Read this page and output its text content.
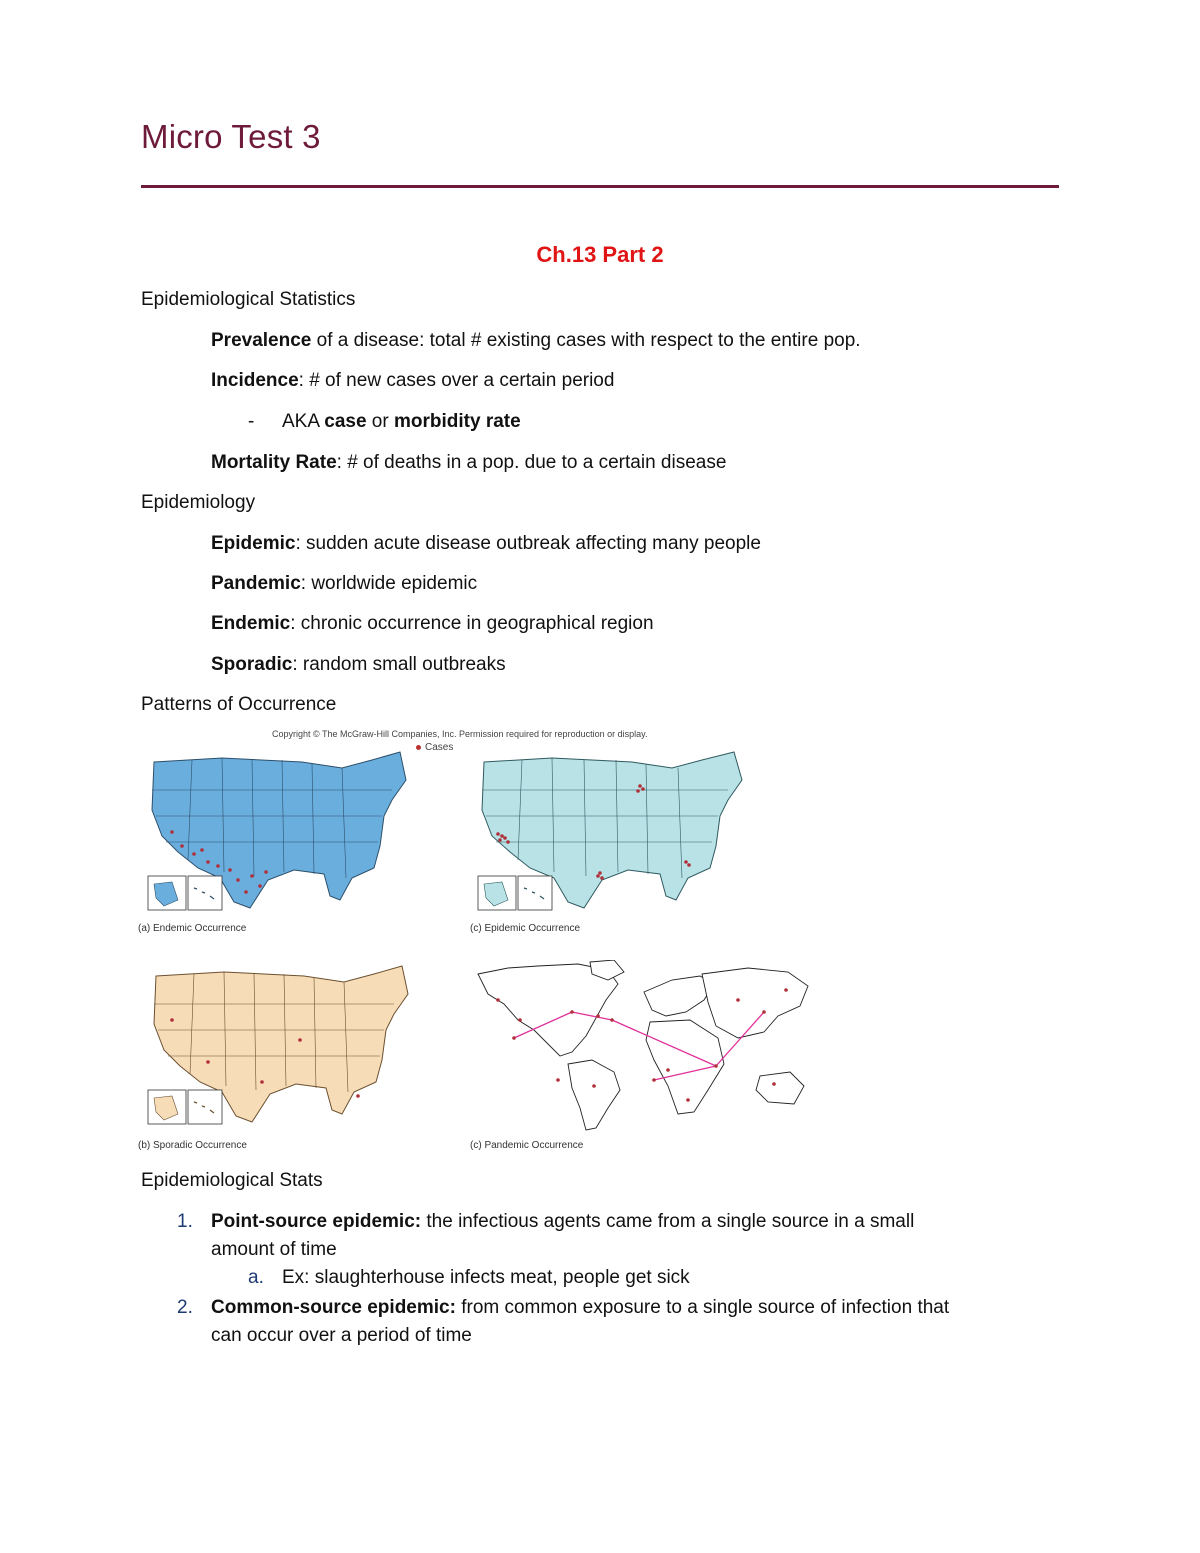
Micro Test 3
Ch.13 Part 2
Epidemiological Statistics
Prevalence of a disease: total # existing cases with respect to the entire pop.
Incidence: # of new cases over a certain period
- AKA case or morbidity rate
Mortality Rate: # of deaths in a pop. due to a certain disease
Epidemiology
Epidemic: sudden acute disease outbreak affecting many people
Pandemic: worldwide epidemic
Endemic: chronic occurrence in geographical region
Sporadic: random small outbreaks
Patterns of Occurrence
Copyright © The McGraw-Hill Companies, Inc. Permission required for reproduction or display.
Cases
(a) Endemic Occurrence	(c) Epidemic Occurrence
(b) Sporadic Occurrence	(c) Pandemic Occurrence
Epidemiological Stats
1. Point-source epidemic: the infectious agents came from a single source in a small
amount of time
a. Ex: slaughterhouse infects meat, people get sick
2. Common-source epidemic: from common exposure to a single source of infection that
can occur over a period of time
